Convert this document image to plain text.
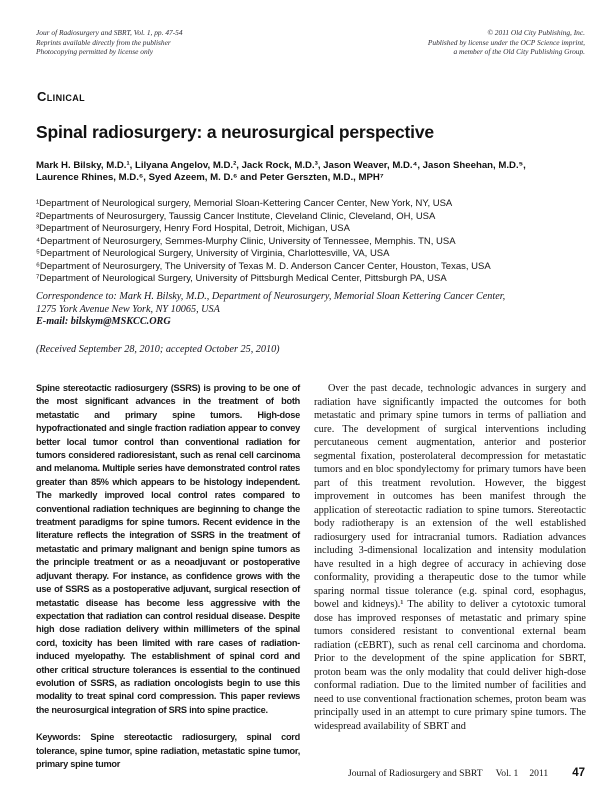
Jour of Radiosurgery and SBRT, Vol. 1, pp. 47-54
Reprints available directly from the publisher
Photocopying permitted by license only
© 2011 Old City Publishing, Inc.
Published by license under the OCP Science imprint,
a member of the Old City Publishing Group.
Clinical
Spinal radiosurgery: a neurosurgical perspective
Mark H. Bilsky, M.D.¹, Lilyana Angelov, M.D.², Jack Rock, M.D.³, Jason Weaver, M.D.⁴, Jason Sheehan, M.D.⁵,
Laurence Rhines, M.D.⁶, Syed Azeem, M. D.⁶ and Peter Gerszten, M.D., MPH⁷
¹Department of Neurological surgery, Memorial Sloan-Kettering Cancer Center, New York, NY, USA
²Departments of Neurosurgery, Taussig Cancer Institute, Cleveland Clinic, Cleveland, OH, USA
³Department of Neurosurgery, Henry Ford Hospital, Detroit, Michigan, USA
⁴Department of Neurosurgery, Semmes-Murphy Clinic, University of Tennessee, Memphis. TN, USA
⁵Department of Neurological Surgery, University of Virginia, Charlottesville, VA, USA
⁶Department of Neurosurgery, The University of Texas M. D. Anderson Cancer Center, Houston, Texas, USA
⁷Department of Neurological Surgery, University of Pittsburgh Medical Center, Pittsburgh PA, USA
Correspondence to: Mark H. Bilsky, M.D., Department of Neurosurgery, Memorial Sloan Kettering Cancer Center,
1275 York Avenue New York, NY 10065, USA
E-mail: bilskym@MSKCC.ORG
(Received September 28, 2010; accepted October 25, 2010)

Spine stereotactic radiosurgery (SSRS) is proving to be one of the most significant advances in the treatment of both metastatic and primary spine tumors. High-dose hypofractionated and single fraction radiation appear to convey better local tumor control than conventional radiation for tumors considered radioresistant, such as renal cell carcinoma and melanoma. Multiple series have demonstrated control rates greater than 85% which appears to be histology independent. The markedly improved local control rates compared to conventional radiation techniques are beginning to change the treatment paradigms for spine tumors. Recent evidence in the literature reflects the integration of SSRS in the treatment of metastatic and primary malignant and benign spine tumors as the principle treatment or as a neoadjuvant or postoperative adjuvant therapy. For instance, as confidence grows with the use of SSRS as a postoperative adjuvant, surgical resection of metastatic disease has become less aggressive with the expectation that radiation can control residual disease. Despite high dose radiation delivery within millimeters of the spinal cord, toxicity has been limited with rare cases of radiation-induced myelopathy. The establishment of spinal cord and other critical structure tolerances is essential to the continued evolution of SSRS, as radiation oncologists begin to use this modality to treat spinal cord compression. This paper reviews the neurosurgical integration of SRS into spine practice.

Keywords: Spine stereotactic radiosurgery, spinal cord tolerance, spine tumor, spine radiation, metastatic spine tumor, primary spine tumor

Over the past decade, technologic advances in surgery and radiation have significantly impacted the outcomes for both metastatic and primary spine tumors in terms of palliation and cure. The development of surgical interventions including percutaneous cement augmentation, anterior and posterior segmental fixation, posterolateral decompression for metastatic tumors and en bloc spondylectomy for primary tumors have been part of this treatment revolution. However, the biggest improvement in outcomes has been manifest through the application of stereotactic radiation to spine tumors. Stereotactic body radiotherapy is an extension of the well established radiosurgery used for intracranial tumors. Radiation advances including 3-dimensional localization and intensity modulation have resulted in a high degree of accuracy in achieving dose conformality, providing a therapeutic dose to the tumor while sparing normal tissue tolerance (e.g. spinal cord, esophagus, bowel and kidneys).¹ The ability to deliver a cytotoxic tumoral dose has improved responses of metastatic and primary spine tumors considered resistant to conventional external beam radiation (cEBRT), such as renal cell carcinoma and chordoma. Prior to the development of the spine application for SBRT, proton beam was the only modality that could deliver high-dose conformal radiation. Due to the limited number of facilities and need to use conventional fractionation schemes, proton beam was principally used in an attempt to cure primary spine tumors. The widespread availability of SBRT and

Journal of Radiosurgery and SBRT Vol. 1 2011 47
